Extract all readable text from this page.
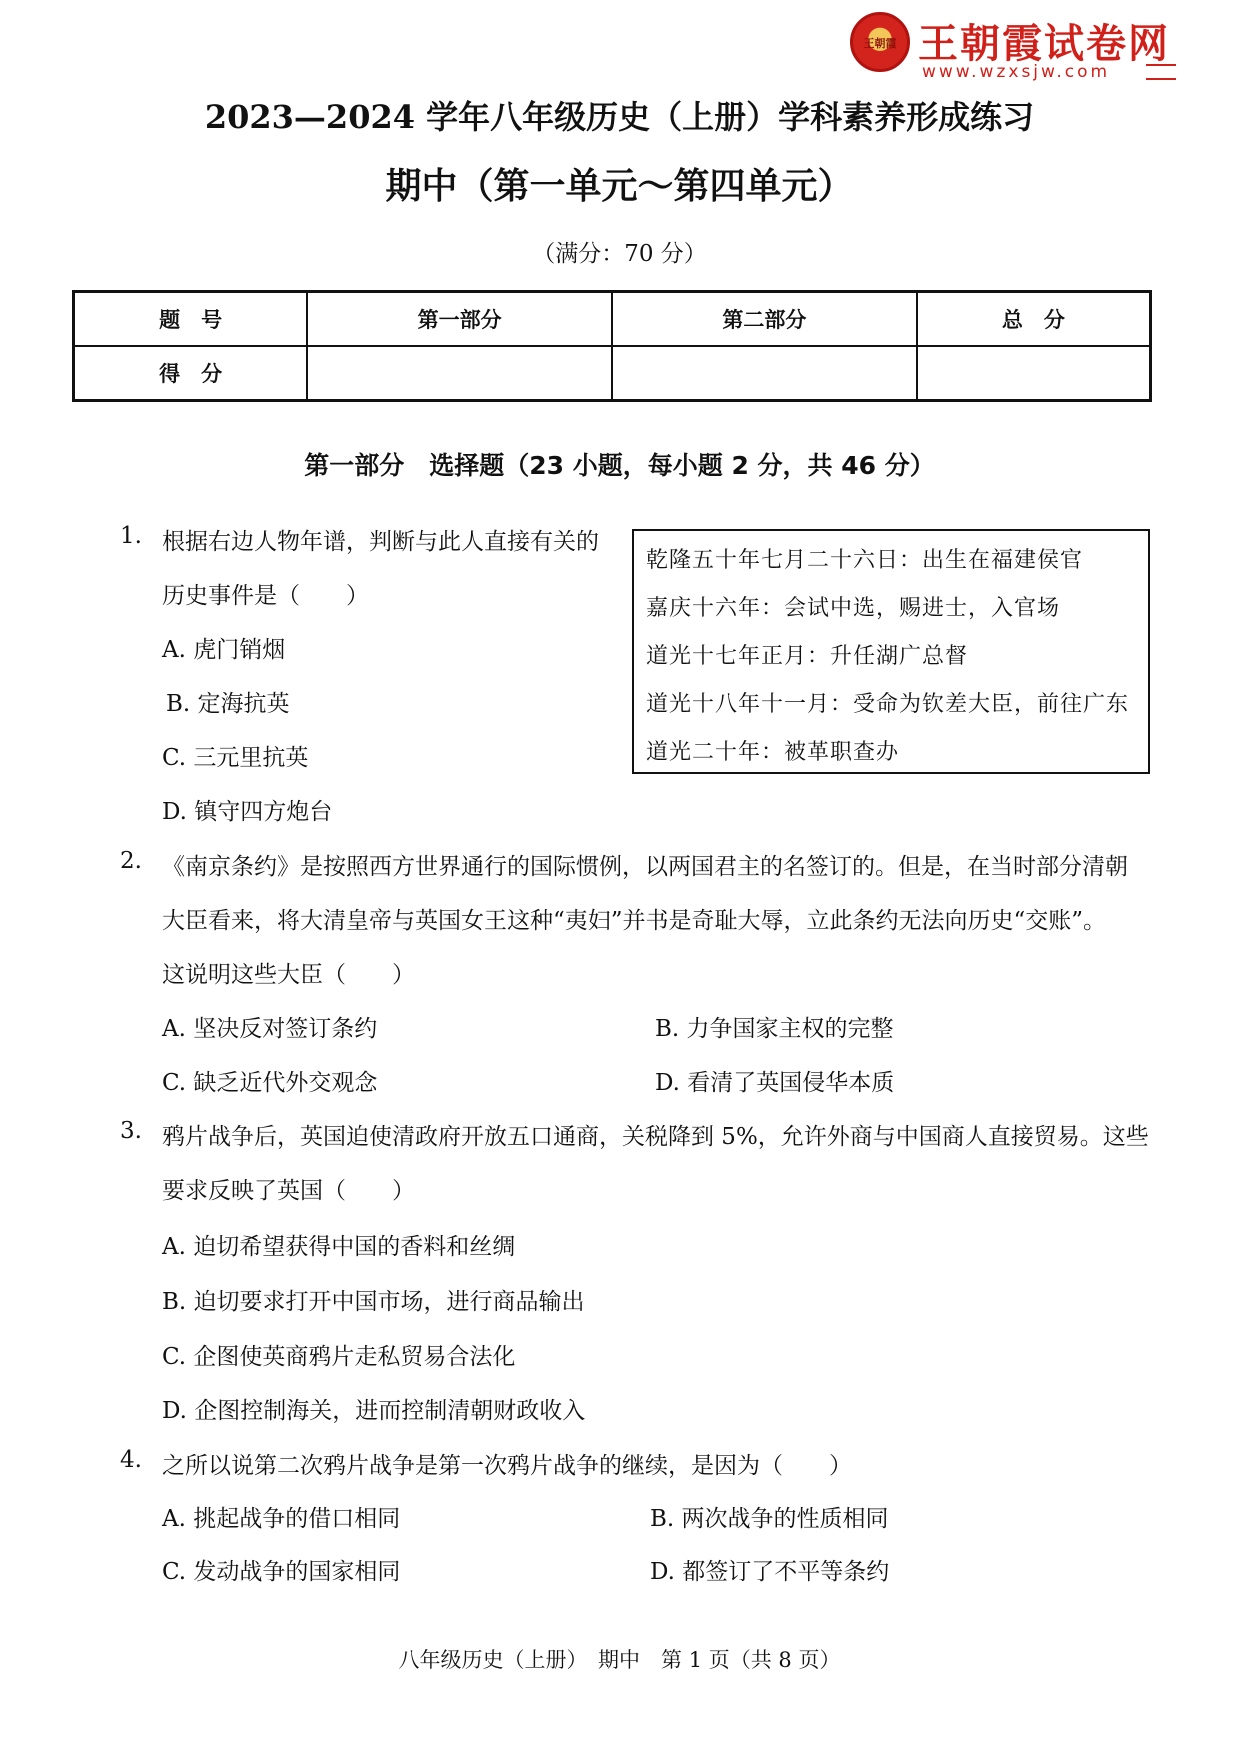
王朝霞 王朝霞试卷网
www.wzxsjw.com
2023—2024 学年八年级历史（上册）学科素养形成练习
期中（第一单元～第四单元）
（满分：70 分）
题　号	第一部分	第二部分	总　分
得　分			
第一部分　选择题（23 小题，每小题 2 分，共 46 分）
1. 根据右边人物年谱，判断与此人直接有关的
历史事件是（　　）
A. 虎门销烟
B. 定海抗英
C. 三元里抗英
D. 镇守四方炮台
乾隆五十年七月二十六日：出生在福建侯官
嘉庆十六年：会试中选，赐进士，入官场
道光十七年正月：升任湖广总督
道光十八年十一月：受命为钦差大臣，前往广东
道光二十年：被革职查办
2. 《南京条约》是按照西方世界通行的国际惯例，以两国君主的名签订的。但是，在当时部分清朝
大臣看来，将大清皇帝与英国女王这种“夷妇”并书是奇耻大辱，立此条约无法向历史“交账”。
这说明这些大臣（　　）
A. 坚决反对签订条约	B. 力争国家主权的完整
C. 缺乏近代外交观念	D. 看清了英国侵华本质
3. 鸦片战争后，英国迫使清政府开放五口通商，关税降到 5%，允许外商与中国商人直接贸易。这些
要求反映了英国（　　）
A. 迫切希望获得中国的香料和丝绸
B. 迫切要求打开中国市场，进行商品输出
C. 企图使英商鸦片走私贸易合法化
D. 企图控制海关，进而控制清朝财政收入
4. 之所以说第二次鸦片战争是第一次鸦片战争的继续，是因为（　　）
A. 挑起战争的借口相同	B. 两次战争的性质相同
C. 发动战争的国家相同	D. 都签订了不平等条约
八年级历史（上册）　期中　第 1 页（共 8 页）
